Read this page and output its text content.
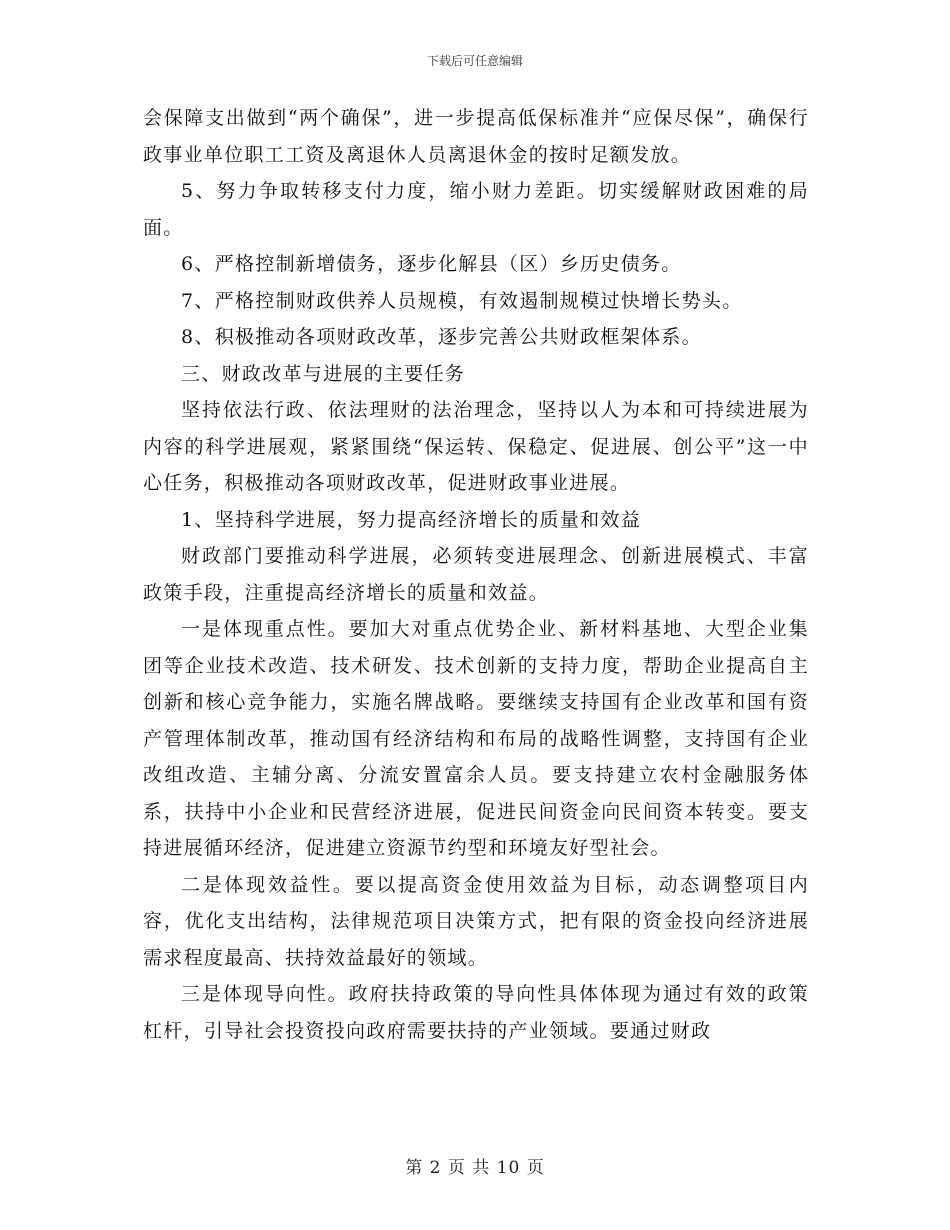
下载后可任意编辑

会保障支出做到“两个确保”，进一步提高低保标准并“应保尽保”，确保行政事业单位职工工资及离退休人员离退休金的按时足额发放。

5、努力争取转移支付力度，缩小财力差距。切实缓解财政困难的局面。

6、严格控制新增债务，逐步化解县（区）乡历史债务。

7、严格控制财政供养人员规模，有效遏制规模过快增长势头。

8、积极推动各项财政改革，逐步完善公共财政框架体系。

三、财政改革与进展的主要任务

坚持依法行政、依法理财的法治理念，坚持以人为本和可持续进展为内容的科学进展观，紧紧围绕“保运转、保稳定、促进展、创公平”这一中心任务，积极推动各项财政改革，促进财政事业进展。

1、坚持科学进展，努力提高经济增长的质量和效益

财政部门要推动科学进展，必须转变进展理念、创新进展模式、丰富政策手段，注重提高经济增长的质量和效益。

一是体现重点性。要加大对重点优势企业、新材料基地、大型企业集团等企业技术改造、技术研发、技术创新的支持力度，帮助企业提高自主创新和核心竞争能力，实施名牌战略。要继续支持国有企业改革和国有资产管理体制改革，推动国有经济结构和布局的战略性调整，支持国有企业改组改造、主辅分离、分流安置富余人员。要支持建立农村金融服务体系，扶持中小企业和民营经济进展，促进民间资金向民间资本转变。要支持进展循环经济，促进建立资源节约型和环境友好型社会。

二是体现效益性。要以提高资金使用效益为目标，动态调整项目内容，优化支出结构，法律规范项目决策方式，把有限的资金投向经济进展需求程度最高、扶持效益最好的领域。

三是体现导向性。政府扶持政策的导向性具体体现为通过有效的政策杠杆，引导社会投资投向政府需要扶持的产业领域。要通过财政

第 2 页 共 10 页
